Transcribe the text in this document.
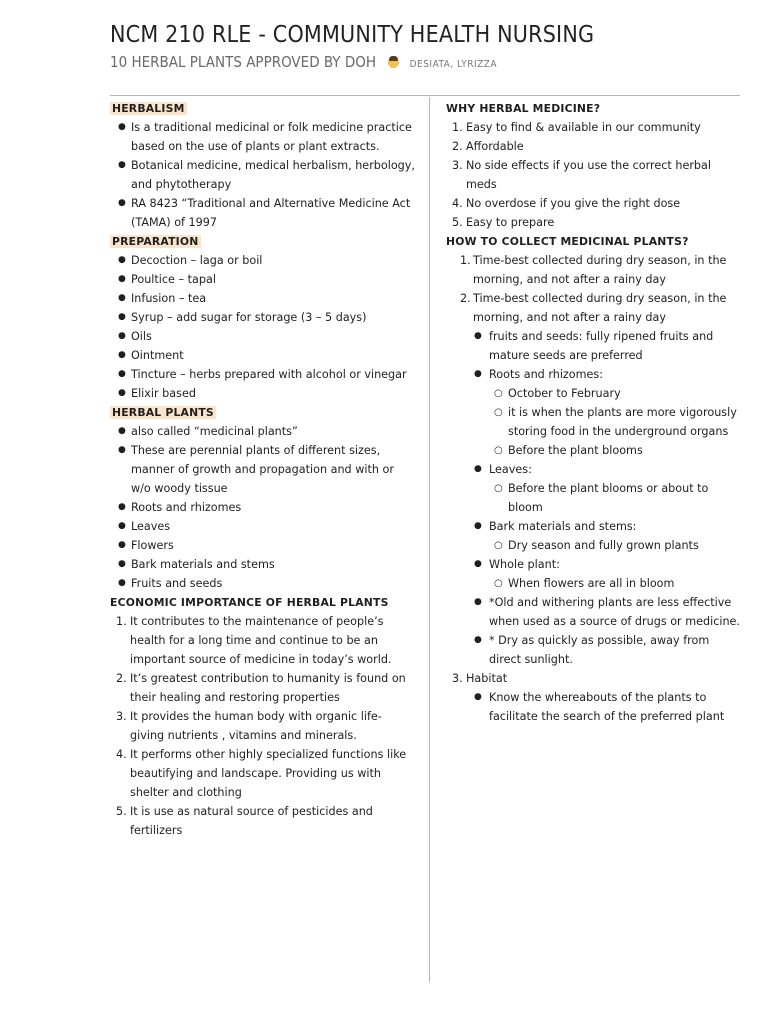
NCM 210 RLE - COMMUNITY HEALTH NURSING
10 HERBAL PLANTS APPROVED BY DOH	DESIATA, LYRIZZA
HERBALISM
● Is a traditional medicinal or folk medicine practice based on the use of plants or plant extracts.
● Botanical medicine, medical herbalism, herbology, and phytotherapy
● RA 8423 “Traditional and Alternative Medicine Act (TAMA) of 1997
PREPARATION
● Decoction – laga or boil
● Poultice – tapal
● Infusion – tea
● Syrup – add sugar for storage (3 – 5 days)
● Oils
● Ointment
● Tincture – herbs prepared with alcohol or vinegar
● Elixir based
HERBAL PLANTS
● also called “medicinal plants”
● These are perennial plants of different sizes, manner of growth and propagation and with or w/o woody tissue
● Roots and rhizomes
● Leaves
● Flowers
● Bark materials and stems
● Fruits and seeds
ECONOMIC IMPORTANCE OF HERBAL PLANTS
1. It contributes to the maintenance of people’s health for a long time and continue to be an important source of medicine in today’s world.
2. It’s greatest contribution to humanity is found on their healing and restoring properties
3. It provides the human body with organic life-giving nutrients , vitamins and minerals.
4. It performs other highly specialized functions like beautifying and landscape. Providing us with shelter and clothing
5. It is use as natural source of pesticides and fertilizers
WHY HERBAL MEDICINE?
1. Easy to find & available in our community
2. Affordable
3. No side effects if you use the correct herbal meds
4. No overdose if you give the right dose
5. Easy to prepare
HOW TO COLLECT MEDICINAL PLANTS?
1. Time-best collected during dry season, in the morning, and not after a rainy day
2. Time-best collected during dry season, in the morning, and not after a rainy day
● fruits and seeds: fully ripened fruits and mature seeds are preferred
● Roots and rhizomes:
○ October to February
○ it is when the plants are more vigorously storing food in the underground organs
○ Before the plant blooms
● Leaves:
○ Before the plant blooms or about to bloom
● Bark materials and stems:
○ Dry season and fully grown plants
● Whole plant:
○ When flowers are all in bloom
● *Old and withering plants are less effective when used as a source of drugs or medicine.
● * Dry as quickly as possible, away from direct sunlight.
3. Habitat
● Know the whereabouts of the plants to facilitate the search of the preferred plant
